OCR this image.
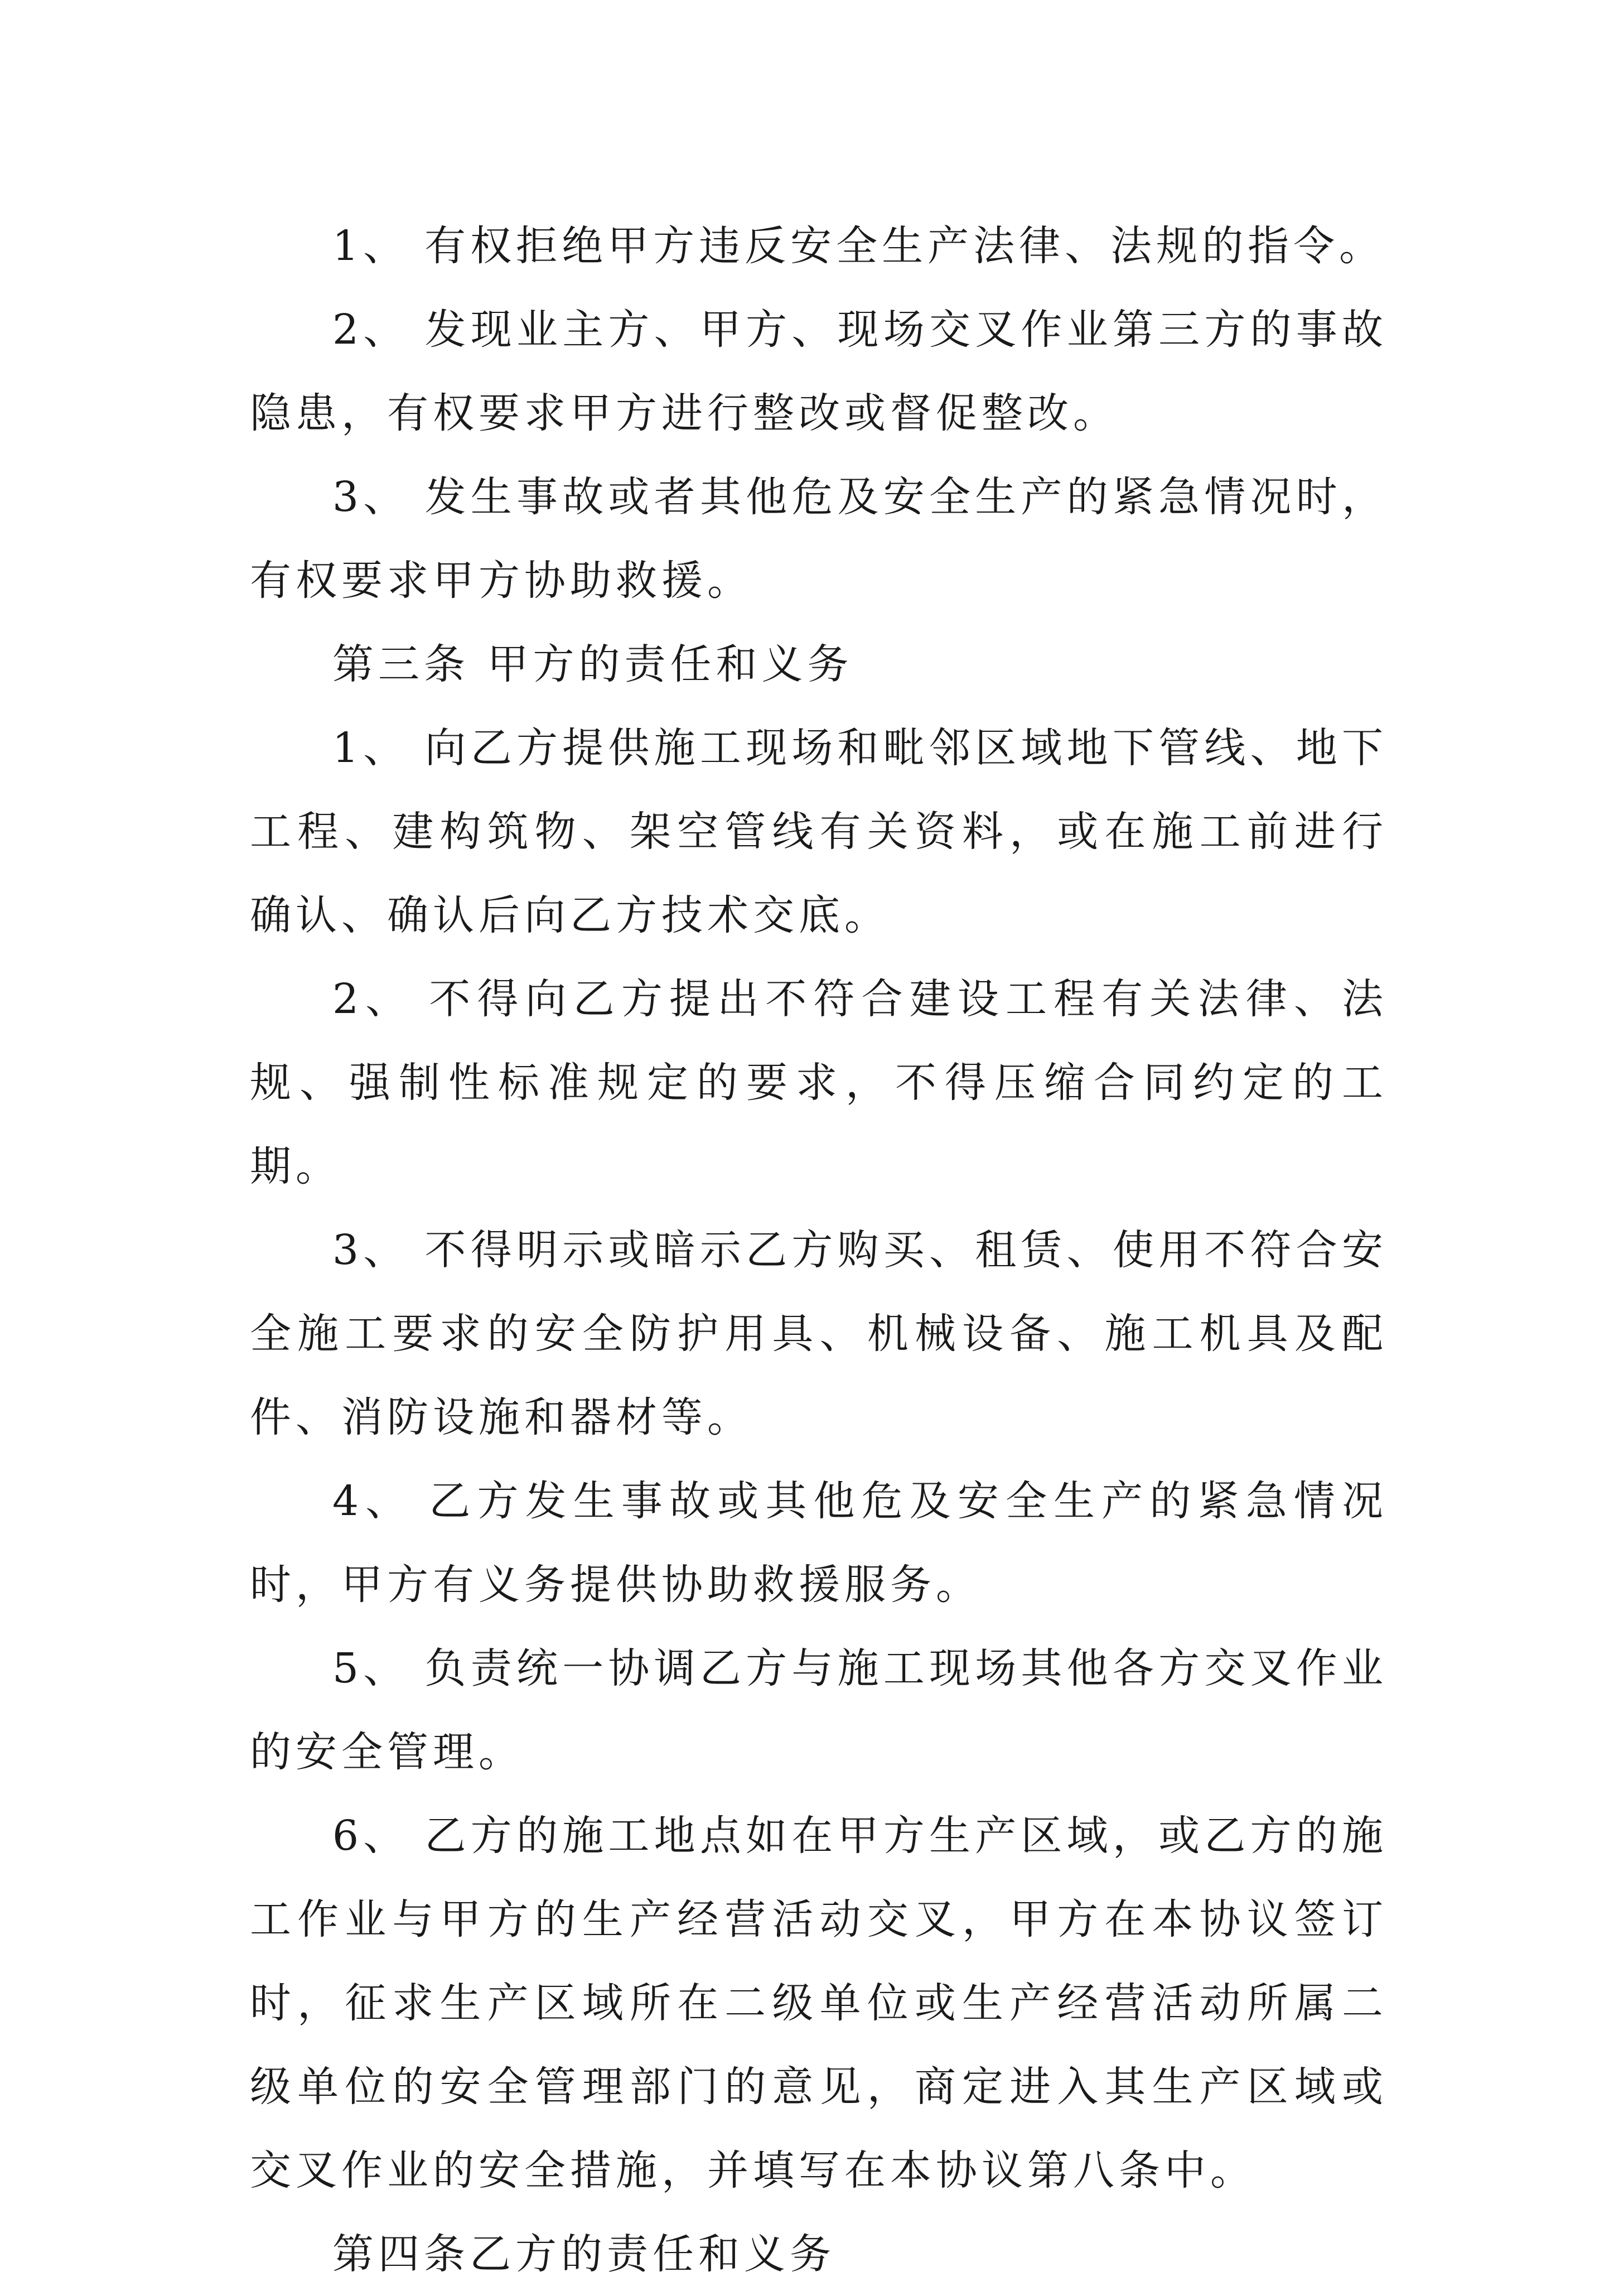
1、 有权拒绝甲方违反安全生产法律、法规的指令。

2、 发现业主方、甲方、现场交叉作业第三方的事故隐患，有权要求甲方进行整改或督促整改。

3、 发生事故或者其他危及安全生产的紧急情况时，有权要求甲方协助救援。

第三条 甲方的责任和义务

1、 向乙方提供施工现场和毗邻区域地下管线、地下工程、建构筑物、架空管线有关资料，或在施工前进行确认、确认后向乙方技术交底。

2、 不得向乙方提出不符合建设工程有关法律、法规、强制性标准规定的要求，不得压缩合同约定的工期。

3、 不得明示或暗示乙方购买、租赁、使用不符合安全施工要求的安全防护用具、机械设备、施工机具及配件、消防设施和器材等。

4、 乙方发生事故或其他危及安全生产的紧急情况时，甲方有义务提供协助救援服务。

5、 负责统一协调乙方与施工现场其他各方交叉作业的安全管理。

6、 乙方的施工地点如在甲方生产区域，或乙方的施工作业与甲方的生产经营活动交叉，甲方在本协议签订时，征求生产区域所在二级单位或生产经营活动所属二级单位的安全管理部门的意见，商定进入其生产区域或交叉作业的安全措施，并填写在本协议第八条中。

第四条乙方的责任和义务
